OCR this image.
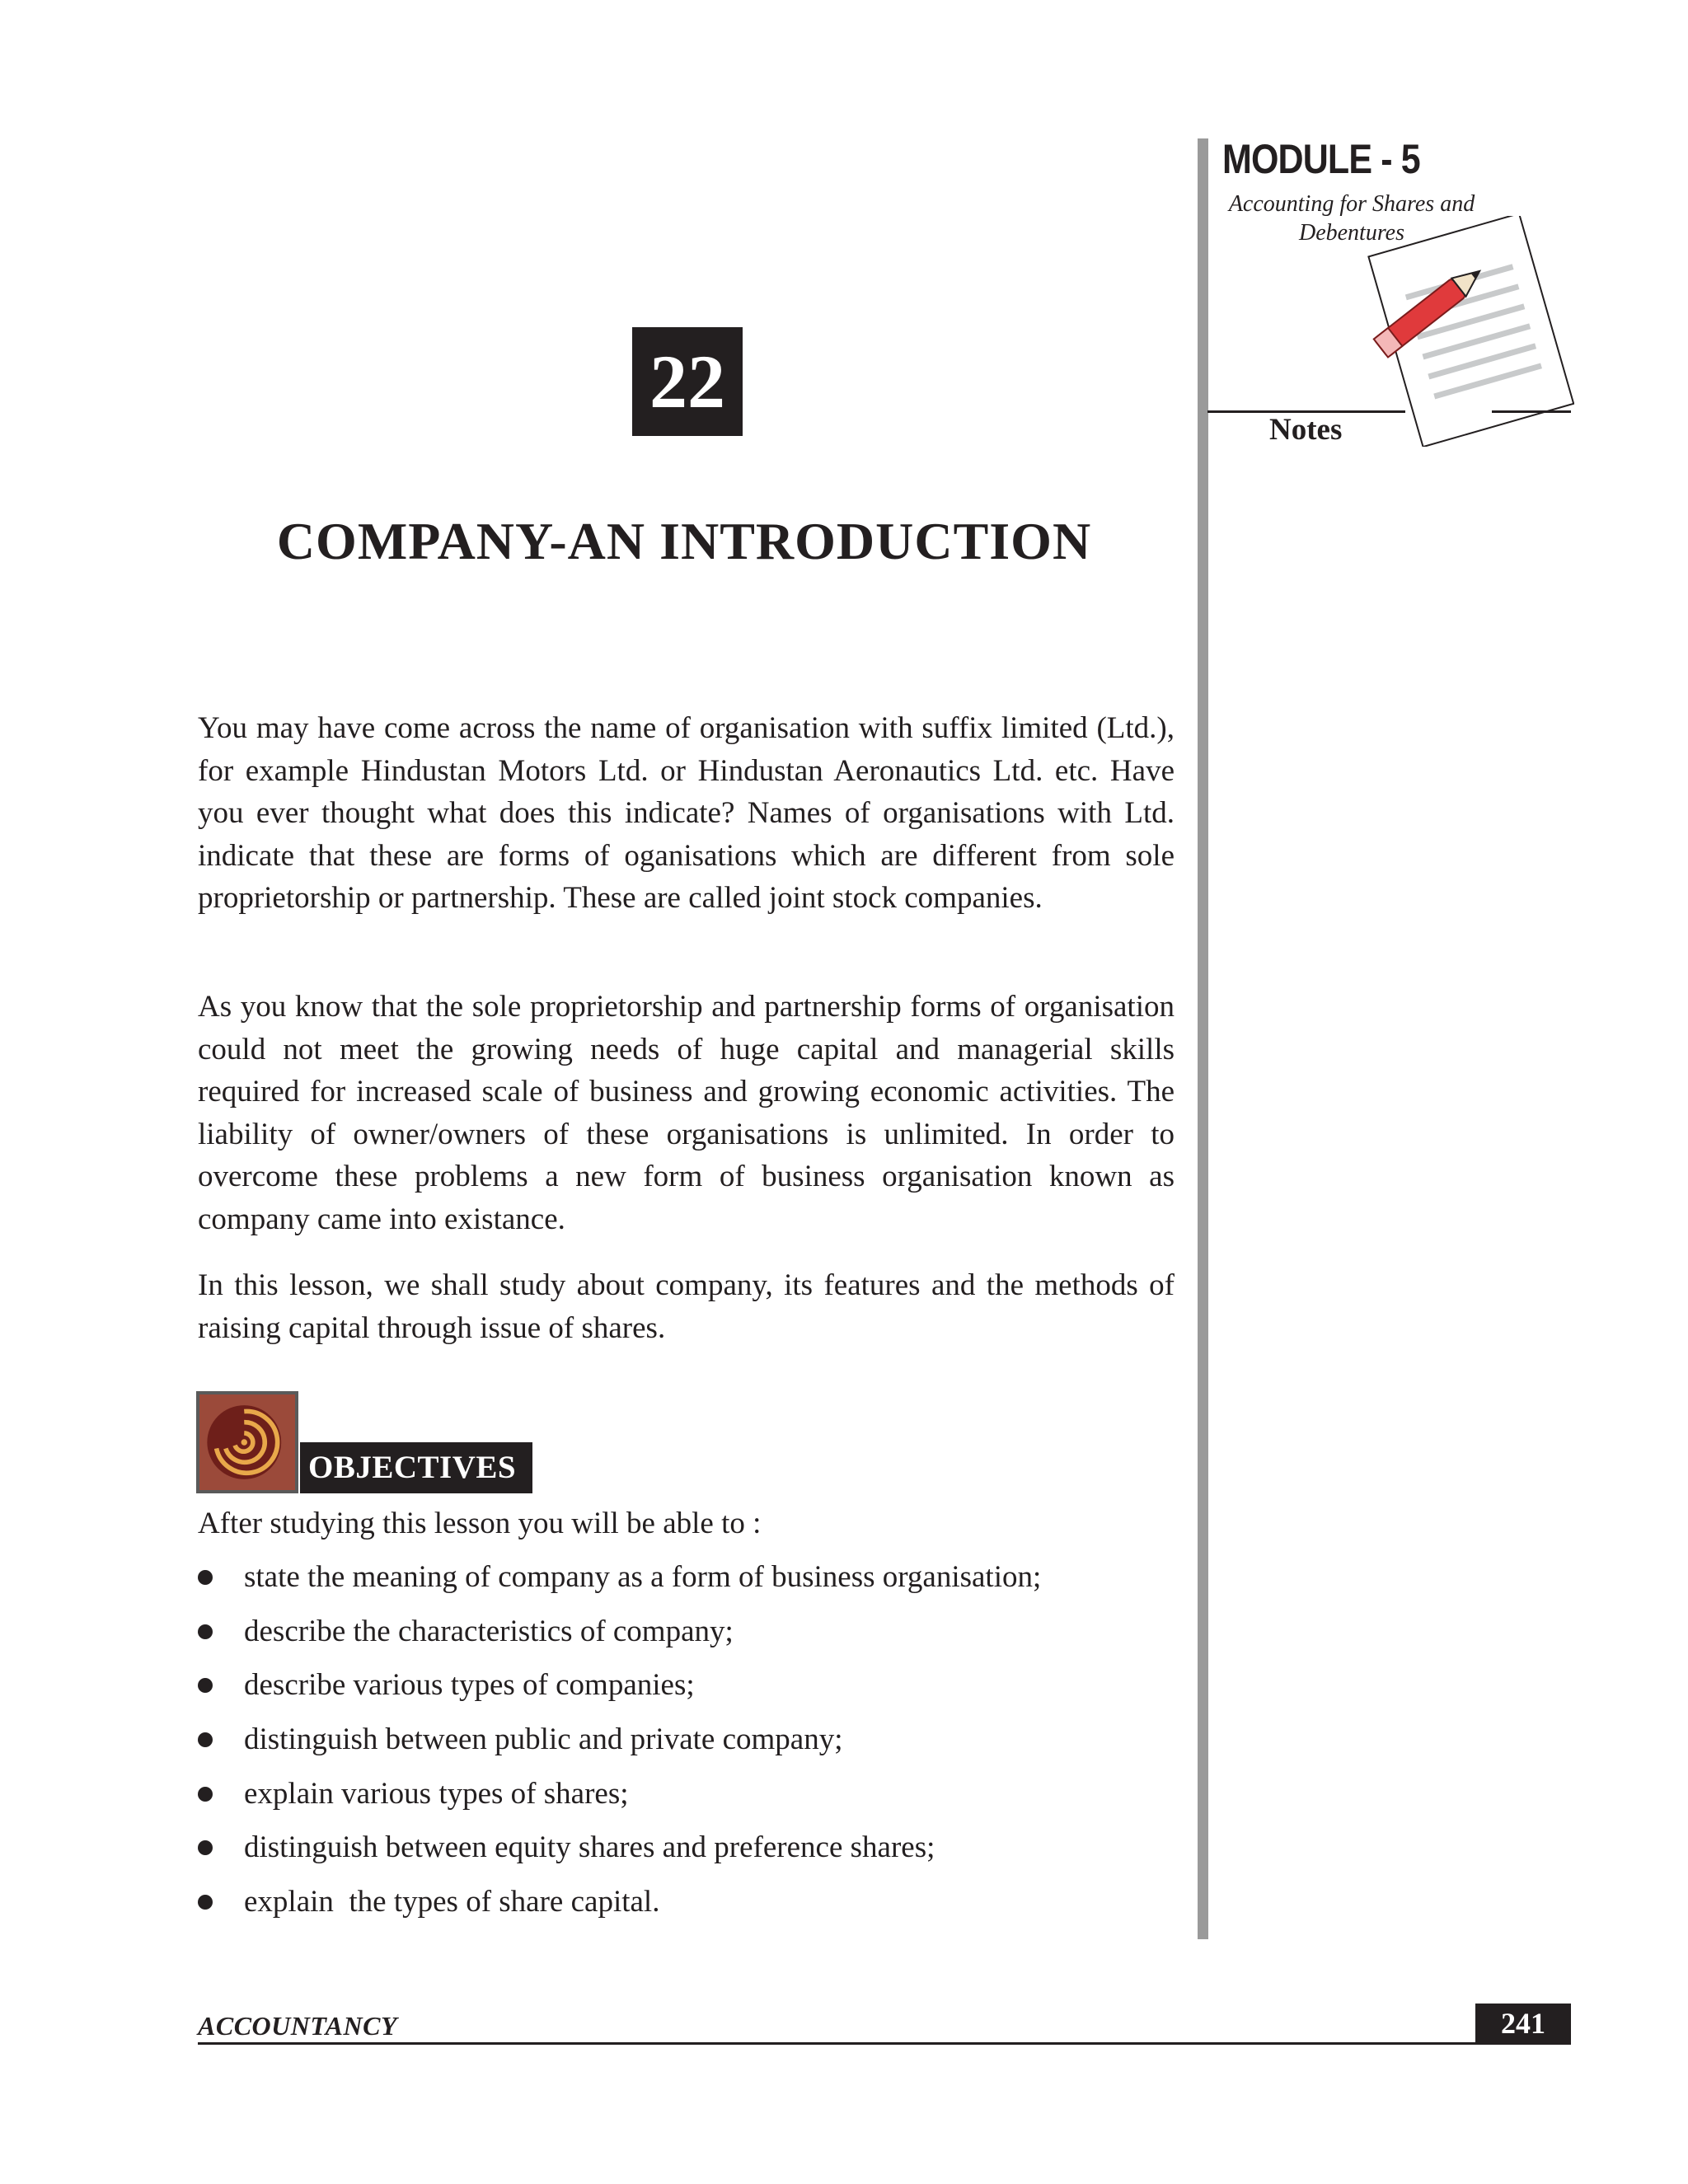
MODULE - 5
Accounting for Shares and Debentures
Notes
22
COMPANY-AN INTRODUCTION

You may have come across the name of organisation with suffix limited (Ltd.), for example Hindustan Motors Ltd. or Hindustan Aeronautics Ltd. etc. Have you ever thought what does this indicate? Names of organisations with Ltd. indicate that these are forms of oganisations which are different from sole proprietorship or partnership. These are called joint stock companies.

As you know that the sole proprietorship and partnership forms of organisation could not meet the growing needs of huge capital and managerial skills required for increased scale of business and growing economic activities. The liability of owner/owners of these organisations is unlimited. In order to overcome these problems a new form of business organisation known as company came into existance.

In this lesson, we shall study about company, its features and the methods of raising capital through issue of shares.

OBJECTIVES
After studying this lesson you will be able to :
state the meaning of company as a form of business organisation;
describe the characteristics of company;
describe various types of companies;
distinguish between public and private company;
explain various types of shares;
distinguish between equity shares and preference shares;
explain  the types of share capital.
ACCOUNTANCY	241
